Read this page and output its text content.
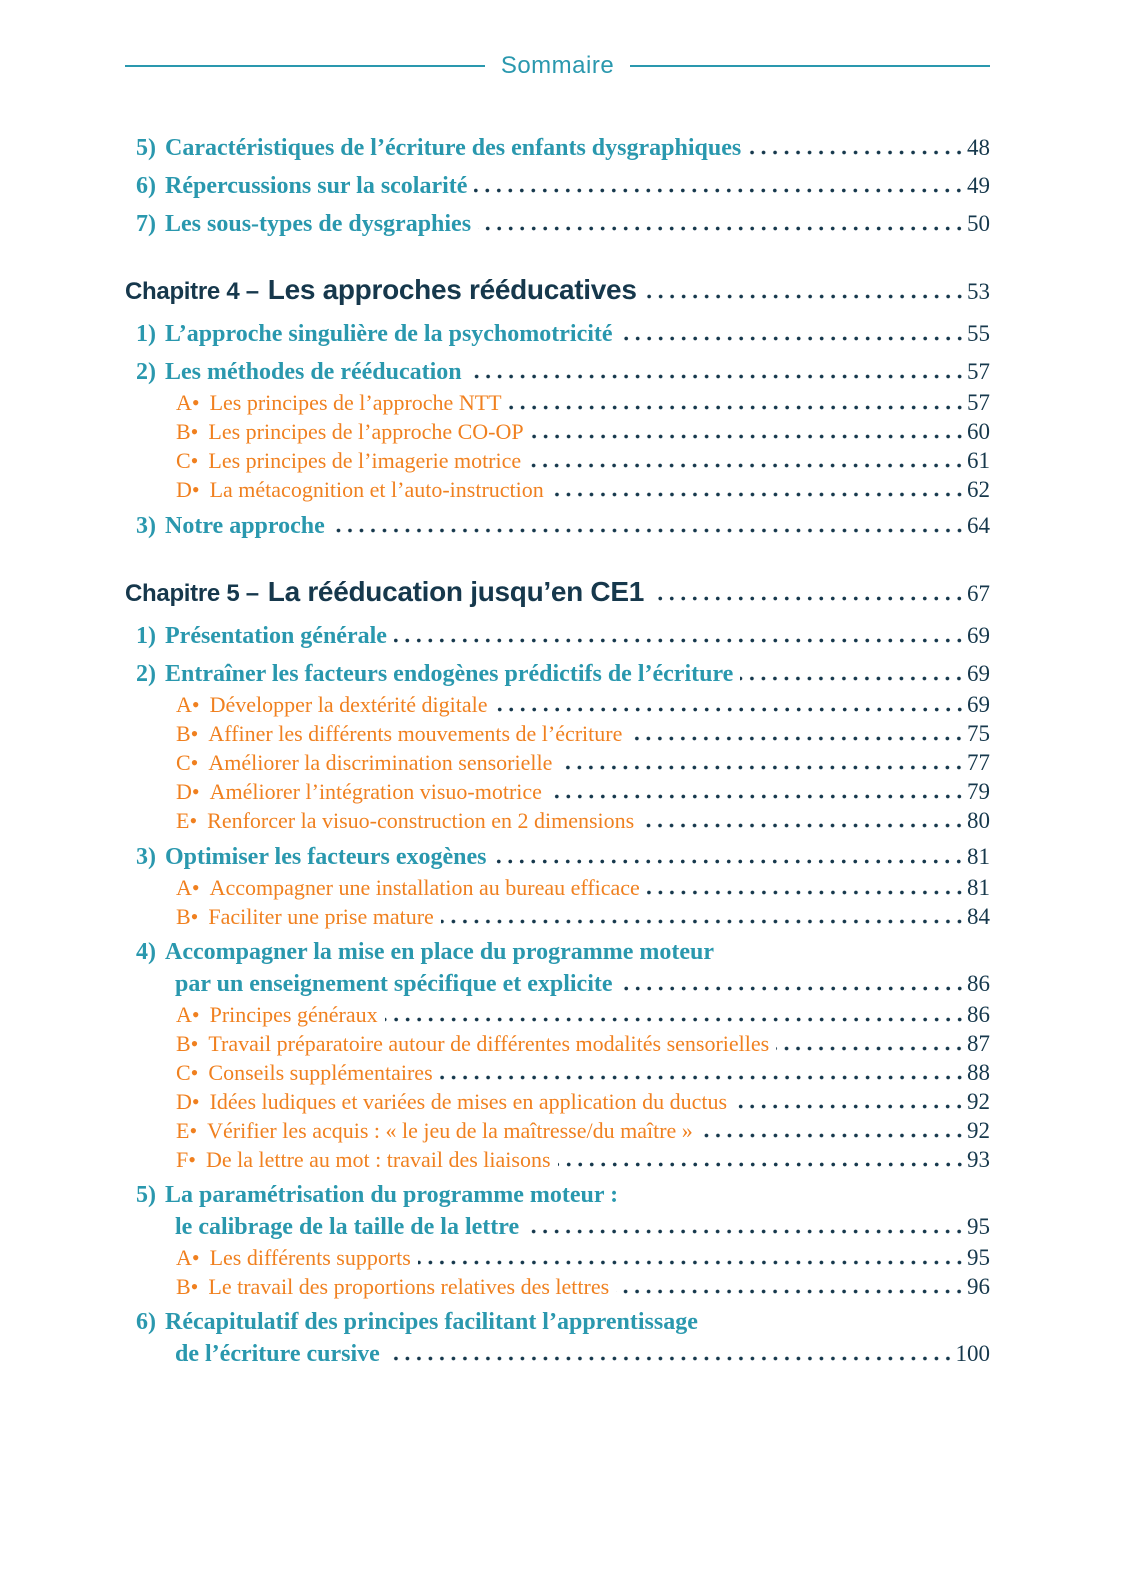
Sommaire
5) Caractéristiques de l’écriture des enfants dysgraphiques	48
6) Répercussions sur la scolarité	49
7) Les sous-types de dysgraphies	50
Chapitre 4 – Les approches rééducatives	53
1) L’approche singulière de la psychomotricité	55
2) Les méthodes de rééducation	57
A• Les principes de l’approche NTT	57
B• Les principes de l’approche CO-OP	60
C• Les principes de l’imagerie motrice	61
D• La métacognition et l’auto-instruction	62
3) Notre approche	64
Chapitre 5 – La rééducation jusqu’en CE1	67
1) Présentation générale	69
2) Entraîner les facteurs endogènes prédictifs de l’écriture	69
A• Développer la dextérité digitale	69
B• Affiner les différents mouvements de l’écriture	75
C• Améliorer la discrimination sensorielle	77
D• Améliorer l’intégration visuo-motrice	79
E• Renforcer la visuo-construction en 2 dimensions	80
3) Optimiser les facteurs exogènes	81
A• Accompagner une installation au bureau efficace	81
B• Faciliter une prise mature	84
4) Accompagner la mise en place du programme moteur
par un enseignement spécifique et explicite	86
A• Principes généraux	86
B• Travail préparatoire autour de différentes modalités sensorielles	87
C• Conseils supplémentaires	88
D• Idées ludiques et variées de mises en application du ductus	92
E• Vérifier les acquis : « le jeu de la maîtresse/du maître »	92
F• De la lettre au mot : travail des liaisons	93
5) La paramétrisation du programme moteur :
le calibrage de la taille de la lettre	95
A• Les différents supports	95
B• Le travail des proportions relatives des lettres	96
6) Récapitulatif des principes facilitant l’apprentissage
de l’écriture cursive	100
